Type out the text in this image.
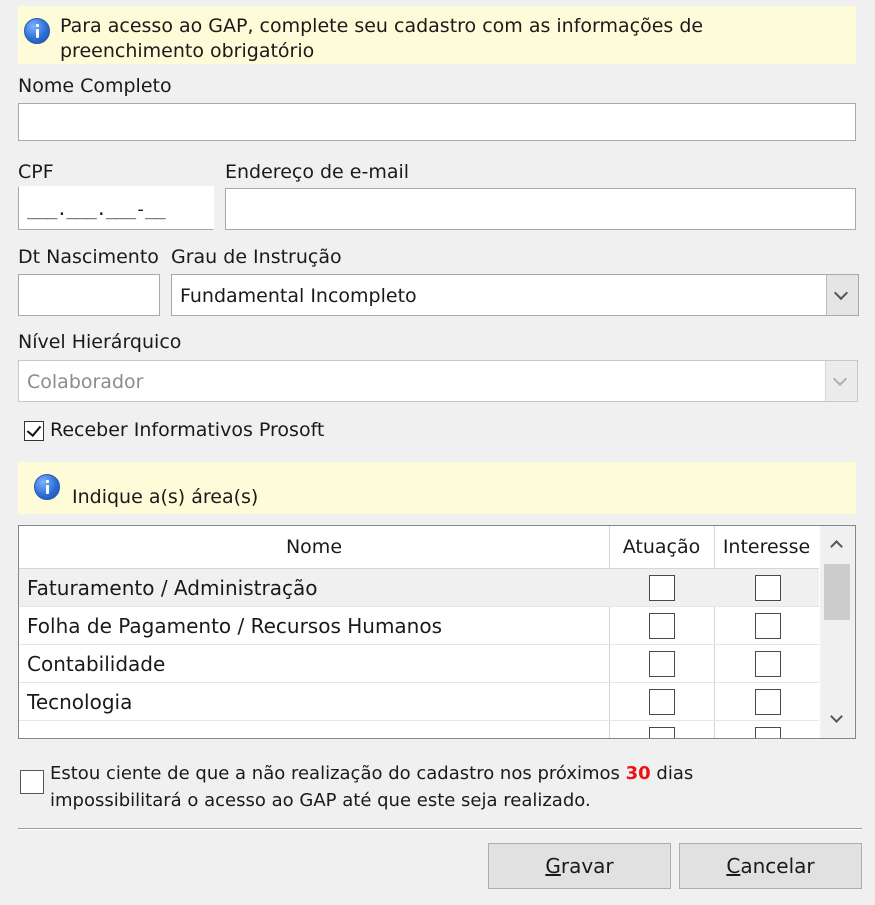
Para acesso ao GAP, complete seu cadastro com as informações de preenchimento obrigatório
Nome Completo
CPF
___.___.___-__
Endereço de e-mail
Dt Nascimento Grau de Instrução
Fundamental Incompleto
Nível Hierárquico
Colaborador
Receber Informativos Prosoft
Indique a(s) área(s)
Nome	Atuação	Interesse
Faturamento / Administração
Folha de Pagamento / Recursos Humanos
Contabilidade
Tecnologia
Estou ciente de que a não realização do cadastro nos próximos 30 dias impossibilitará o acesso ao GAP até que este seja realizado.
Gravar	Cancelar
